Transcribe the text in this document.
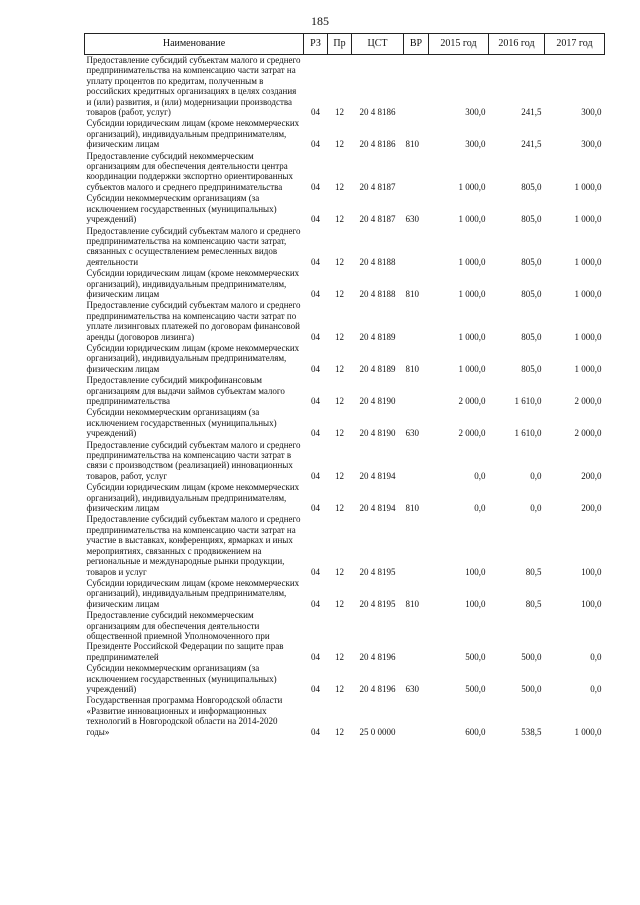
185
Наименование	РЗ	Пр	ЦСТ	ВР	2015 год	2016 год	2017 год
Предоставление субсидий субъектам малого и среднего предпринимательства на компенсацию части затрат на уплату процентов по кредитам, полученным в российских кредитных организациях в целях создания и (или) развития, и (или) модернизации производства товаров (работ, услуг)	04	12	20 4 8186		300,0	241,5	300,0
Субсидии юридическим лицам (кроме некоммерческих организаций), индивидуальным предпринимателям, физическим лицам	04	12	20 4 8186	810	300,0	241,5	300,0
Предоставление субсидий некоммерческим организациям для обеспечения деятельности центра координации поддержки экспортно ориентированных субъектов малого и среднего предпринимательства	04	12	20 4 8187		1 000,0	805,0	1 000,0
Субсидии некоммерческим организациям (за исключением государственных (муниципальных) учреждений)	04	12	20 4 8187	630	1 000,0	805,0	1 000,0
Предоставление субсидий субъектам малого и среднего предпринимательства на компенсацию части затрат, связанных с осуществлением ремесленных видов деятельности	04	12	20 4 8188		1 000,0	805,0	1 000,0
Субсидии юридическим лицам (кроме некоммерческих организаций), индивидуальным предпринимателям, физическим лицам	04	12	20 4 8188	810	1 000,0	805,0	1 000,0
Предоставление субсидий субъектам малого и среднего предпринимательства на компенсацию части затрат по уплате лизинговых платежей по договорам финансовой аренды (договоров лизинга)	04	12	20 4 8189		1 000,0	805,0	1 000,0
Субсидии юридическим лицам (кроме некоммерческих организаций), индивидуальным предпринимателям, физическим лицам	04	12	20 4 8189	810	1 000,0	805,0	1 000,0
Предоставление субсидий микрофинансовым организациям для выдачи займов субъектам малого предпринимательства	04	12	20 4 8190		2 000,0	1 610,0	2 000,0
Субсидии некоммерческим организациям (за исключением государственных (муниципальных) учреждений)	04	12	20 4 8190	630	2 000,0	1 610,0	2 000,0
Предоставление субсидий субъектам малого и среднего предпринимательства на компенсацию части затрат в связи с производством (реализацией) инновационных товаров, работ, услуг	04	12	20 4 8194		0,0	0,0	200,0
Субсидии юридическим лицам (кроме некоммерческих организаций), индивидуальным предпринимателям, физическим лицам	04	12	20 4 8194	810	0,0	0,0	200,0
Предоставление субсидий субъектам малого и среднего предпринимательства на компенсацию части затрат на участие в выставках, конференциях, ярмарках и иных мероприятиях, связанных с продвижением на региональные и международные рынки продукции, товаров и услуг	04	12	20 4 8195		100,0	80,5	100,0
Субсидии юридическим лицам (кроме некоммерческих организаций), индивидуальным предпринимателям, физическим лицам	04	12	20 4 8195	810	100,0	80,5	100,0
Предоставление субсидий некоммерческим организациям для обеспечения деятельности общественной приемной Уполномоченного при Президенте Российской Федерации по защите прав предпринимателей	04	12	20 4 8196		500,0	500,0	0,0
Субсидии некоммерческим организациям (за исключением государственных (муниципальных) учреждений)	04	12	20 4 8196	630	500,0	500,0	0,0
Государственная программа Новгородской области «Развитие инновационных и информационных технологий в Новгородской области на 2014-2020 годы»	04	12	25 0 0000		600,0	538,5	1 000,0
